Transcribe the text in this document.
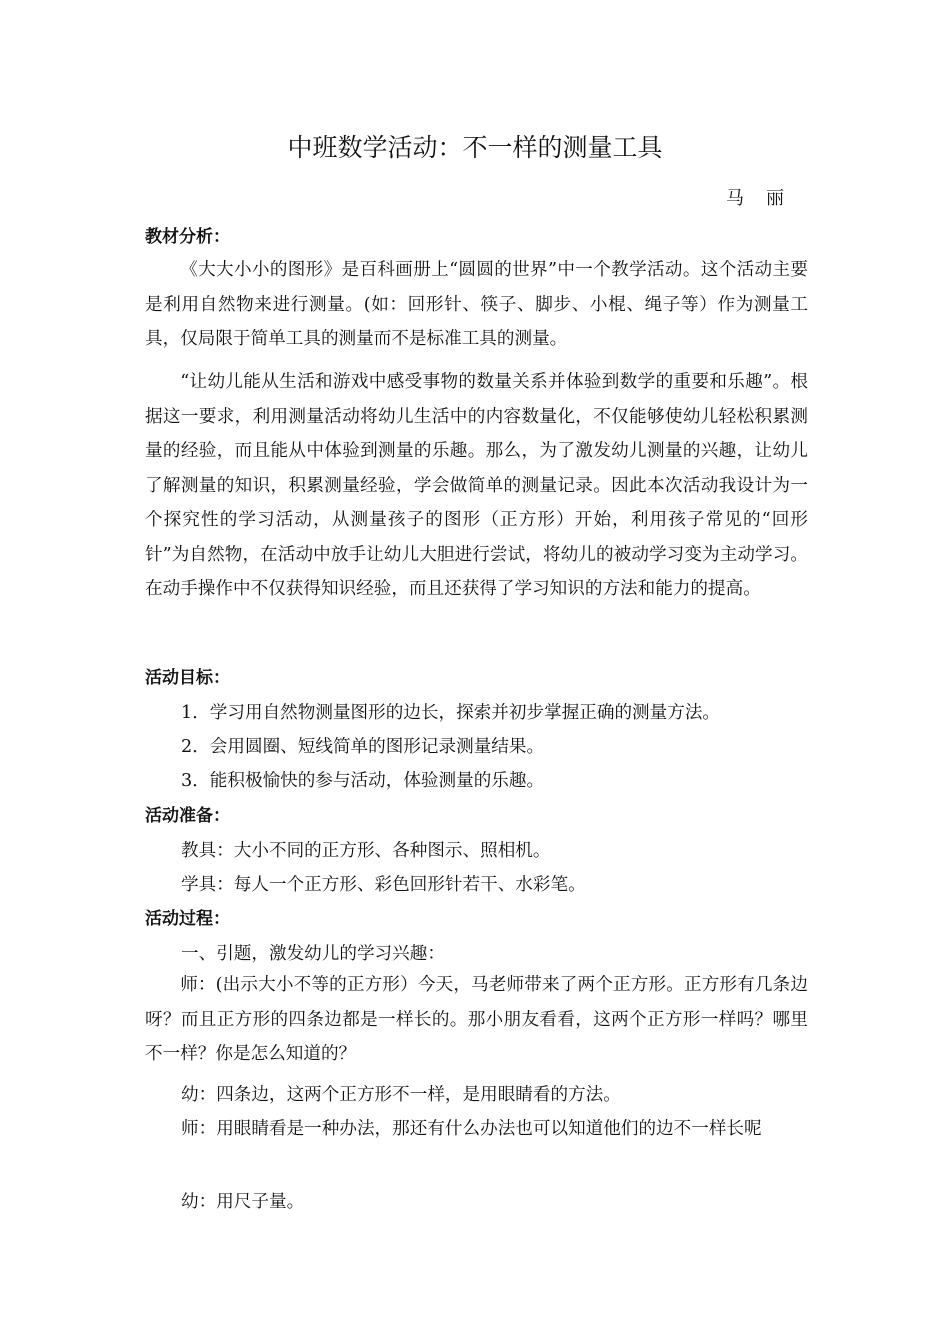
中班数学活动：不一样的测量工具
马丽
教材分析：
《大大小小的图形》是百科画册上“圆圆的世界”中一个教学活动。这个活动主要是利用自然物来进行测量。(如：回形针、筷子、脚步、小棍、绳子等）作为测量工具，仅局限于简单工具的测量而不是标准工具的测量。
“让幼儿能从生活和游戏中感受事物的数量关系并体验到数学的重要和乐趣”。根据这一要求，利用测量活动将幼儿生活中的内容数量化，不仅能够使幼儿轻松积累测量的经验，而且能从中体验到测量的乐趣。那么，为了激发幼儿测量的兴趣，让幼儿了解测量的知识，积累测量经验，学会做简单的测量记录。因此本次活动我设计为一个探究性的学习活动，从测量孩子的图形（正方形）开始，利用孩子常见的“回形针”为自然物，在活动中放手让幼儿大胆进行尝试，将幼儿的被动学习变为主动学习。在动手操作中不仅获得知识经验，而且还获得了学习知识的方法和能力的提高。
活动目标：
1．学习用自然物测量图形的边长，探索并初步掌握正确的测量方法。
2．会用圆圈、短线简单的图形记录测量结果。
3．能积极愉快的参与活动，体验测量的乐趣。
活动准备：
教具：大小不同的正方形、各种图示、照相机。
学具：每人一个正方形、彩色回形针若干、水彩笔。
活动过程：
一、引题，激发幼儿的学习兴趣：
师：(出示大小不等的正方形）今天，马老师带来了两个正方形。正方形有几条边呀？而且正方形的四条边都是一样长的。那小朋友看看，这两个正方形一样吗？哪里不一样？你是怎么知道的？
幼：四条边，这两个正方形不一样，是用眼睛看的方法。
师：用眼睛看是一种办法，那还有什么办法也可以知道他们的边不一样长呢
幼：用尺子量。
